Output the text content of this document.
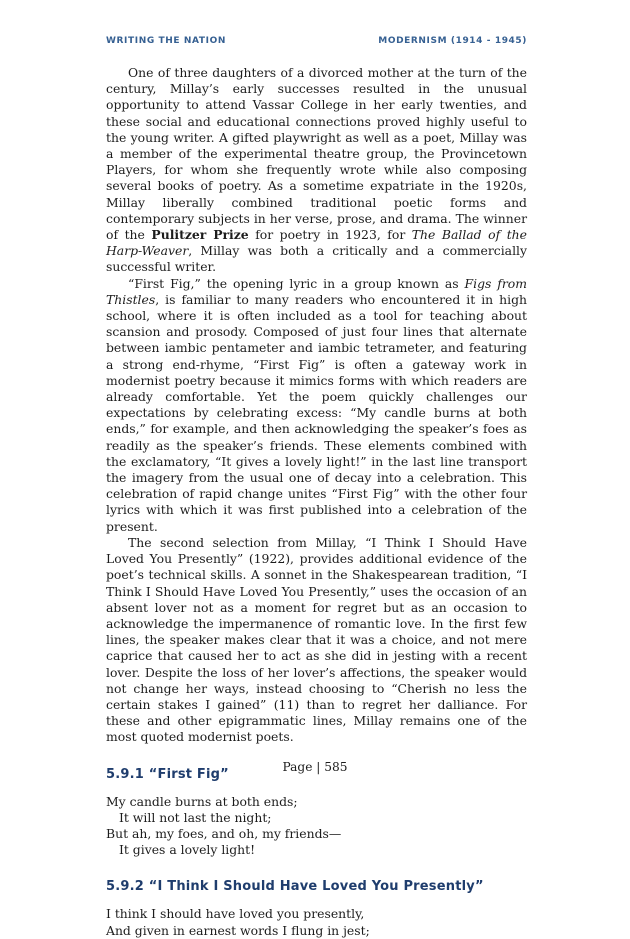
WRITING THE NATION	MODERNISM (1914 - 1945)

One of three daughters of a divorced mother at the turn of the century, Millay’s early successes resulted in the unusual opportunity to attend Vassar College in her early twenties, and these social and educational connections proved highly useful to the young writer. A gifted playwright as well as a poet, Millay was a member of the experimental theatre group, the Provincetown Players, for whom she frequently wrote while also composing several books of poetry. As a sometime expatriate in the 1920s, Millay liberally combined traditional poetic forms and contemporary subjects in her verse, prose, and drama. The winner of the Pulitzer Prize for poetry in 1923, for The Ballad of the Harp-Weaver, Millay was both a critically and a commercially successful writer.

“First Fig,” the opening lyric in a group known as Figs from Thistles, is familiar to many readers who encountered it in high school, where it is often included as a tool for teaching about scansion and prosody. Composed of just four lines that alternate between iambic pentameter and iambic tetrameter, and featuring a strong end-rhyme, “First Fig” is often a gateway work in modernist poetry because it mimics forms with which readers are already comfortable. Yet the poem quickly challenges our expectations by celebrating excess: “My candle burns at both ends,” for example, and then acknowledging the speaker’s foes as readily as the speaker’s friends. These elements combined with the exclamatory, “It gives a lovely light!” in the last line transport the imagery from the usual one of decay into a celebration. This celebration of rapid change unites “First Fig” with the other four lyrics with which it was first published into a celebration of the present.

The second selection from Millay, “I Think I Should Have Loved You Presently” (1922), provides additional evidence of the poet’s technical skills. A sonnet in the Shakespearean tradition, “I Think I Should Have Loved You Presently,” uses the occasion of an absent lover not as a moment for regret but as an occasion to acknowledge the impermanence of romantic love. In the first few lines, the speaker makes clear that it was a choice, and not mere caprice that caused her to act as she did in jesting with a recent lover. Despite the loss of her lover’s affections, the speaker would not change her ways, instead choosing to “Cherish no less the certain stakes I gained” (11) than to regret her dalliance. For these and other epigrammatic lines, Millay remains one of the most quoted modernist poets.

5.9.1 “First Fig”
My candle burns at both ends;
It will not last the night;
But ah, my foes, and oh, my friends—
It gives a lovely light!
5.9.2 “I Think I Should Have Loved You Presently”
I think I should have loved you presently,
And given in earnest words I flung in jest;
Page | 585
